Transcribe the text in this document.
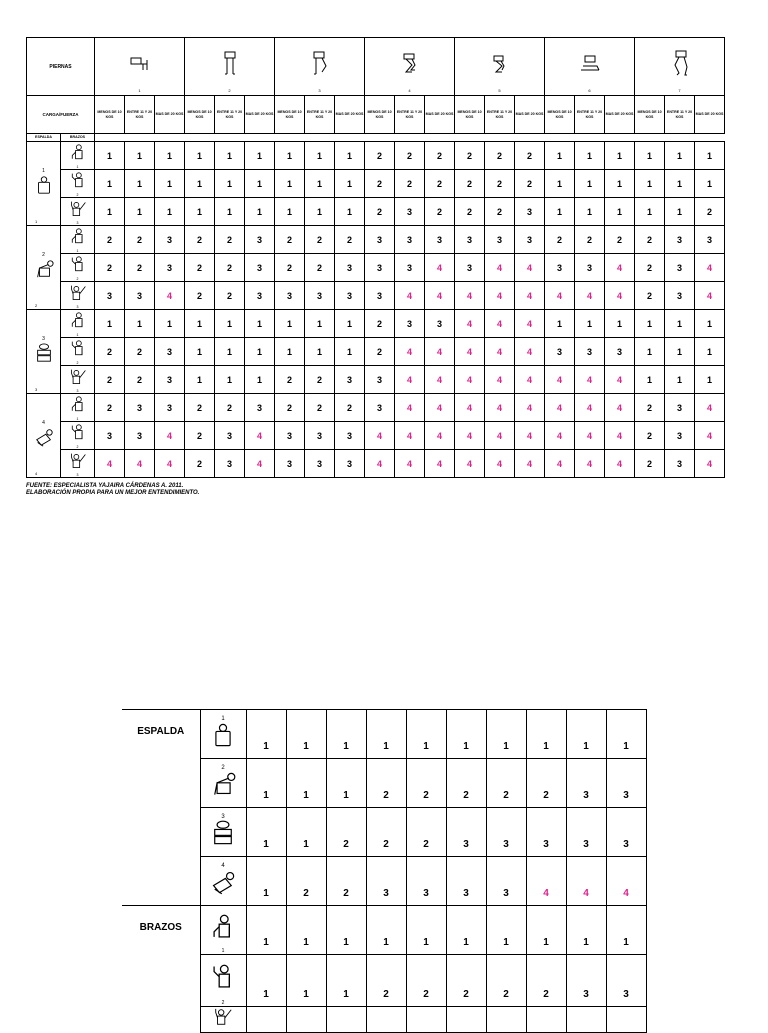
PIERNAS		1			2			3			4			5			6			7		

CARGA/FUERZA		MENOS DE 10 KGS	ENTRE 11 Y 20 KGS	MAS DE 20 KGS	MENOS DE 10 KGS	ENTRE 11 Y 20 KGS	MAS DE 20 KGS	MENOS DE 10 KGS	ENTRE 11 Y 20 KGS	MAS DE 20 KGS	MENOS DE 10 KGS	ENTRE 11 Y 20 KGS	MAS DE 20 KGS	MENOS DE 10 KGS	ENTRE 11 Y 20 KGS	MAS DE 20 KGS	MENOS DE 10 KGS	ENTRE 11 Y 20 KGS	MAS DE 20 KGS	MENOS DE 10 KGS	ENTRE 11 Y 20 KGS	MAS DE 20 KGS
ESPALDA	BRAZOS																					

1
1	1	1	1	1	1	1	1	1	1	1	2	2	2	2	2	2	1	1	1	1	1	1

	2	1	1	1	1	1	1	1	1	1	2	2	2	2	2	2	1	1	1	1	1	1

	3	1	1	1	1	1	1	1	1	1	2	3	2	2	2	3	1	1	1	1	1	2

2
2	1	2	2	3	2	2	3	2	2	2	3	3	3	3	3	3	2	2	2	2	3	3

	2	2	2	3	2	2	3	2	2	3	3	3	4	3	4	4	3	3	4	2	3	4

	3	3	3	4	2	2	3	3	3	3	3	4	4	4	4	4	4	4	4	2	3	4

3
3	1	1	1	1	1	1	1	1	1	1	2	3	3	4	4	4	1	1	1	1	1	1

	2	2	2	3	1	1	1	1	1	1	2	4	4	4	4	4	3	3	3	1	1	1

	3	2	2	3	1	1	1	2	2	3	3	4	4	4	4	4	4	4	4	1	1	1

4
4	1	2	3	3	2	2	3	2	2	2	3	4	4	4	4	4	4	4	4	2	3	4

	2	3	3	4	2	3	4	3	3	3	4	4	4	4	4	4	4	4	4	2	3	4

	3	4	4	4	2	3	4	3	3	3	4	4	4	4	4	4	4	4	4	2	3	4
FUENTE: ESPECIALISTA YAJAIRA CÁRDENAS A. 2011.
ELABORACIÓN PROPIA PARA UN MEJOR ENTENDIMIENTO.
ESPALDA	1	1	1	1	1	1	1	1	1	1	1

	2	1	1	1	2	2	2	2	2	3	3

	3	1	1	2	2	2	3	3	3	3	3

	4	1	2	2	3	3	3	3	4	4	4
BRAZOS	1	1	1	1	1	1	1	1	1	1	1

	2	1	1	1	2	2	2	2	2	3	3
